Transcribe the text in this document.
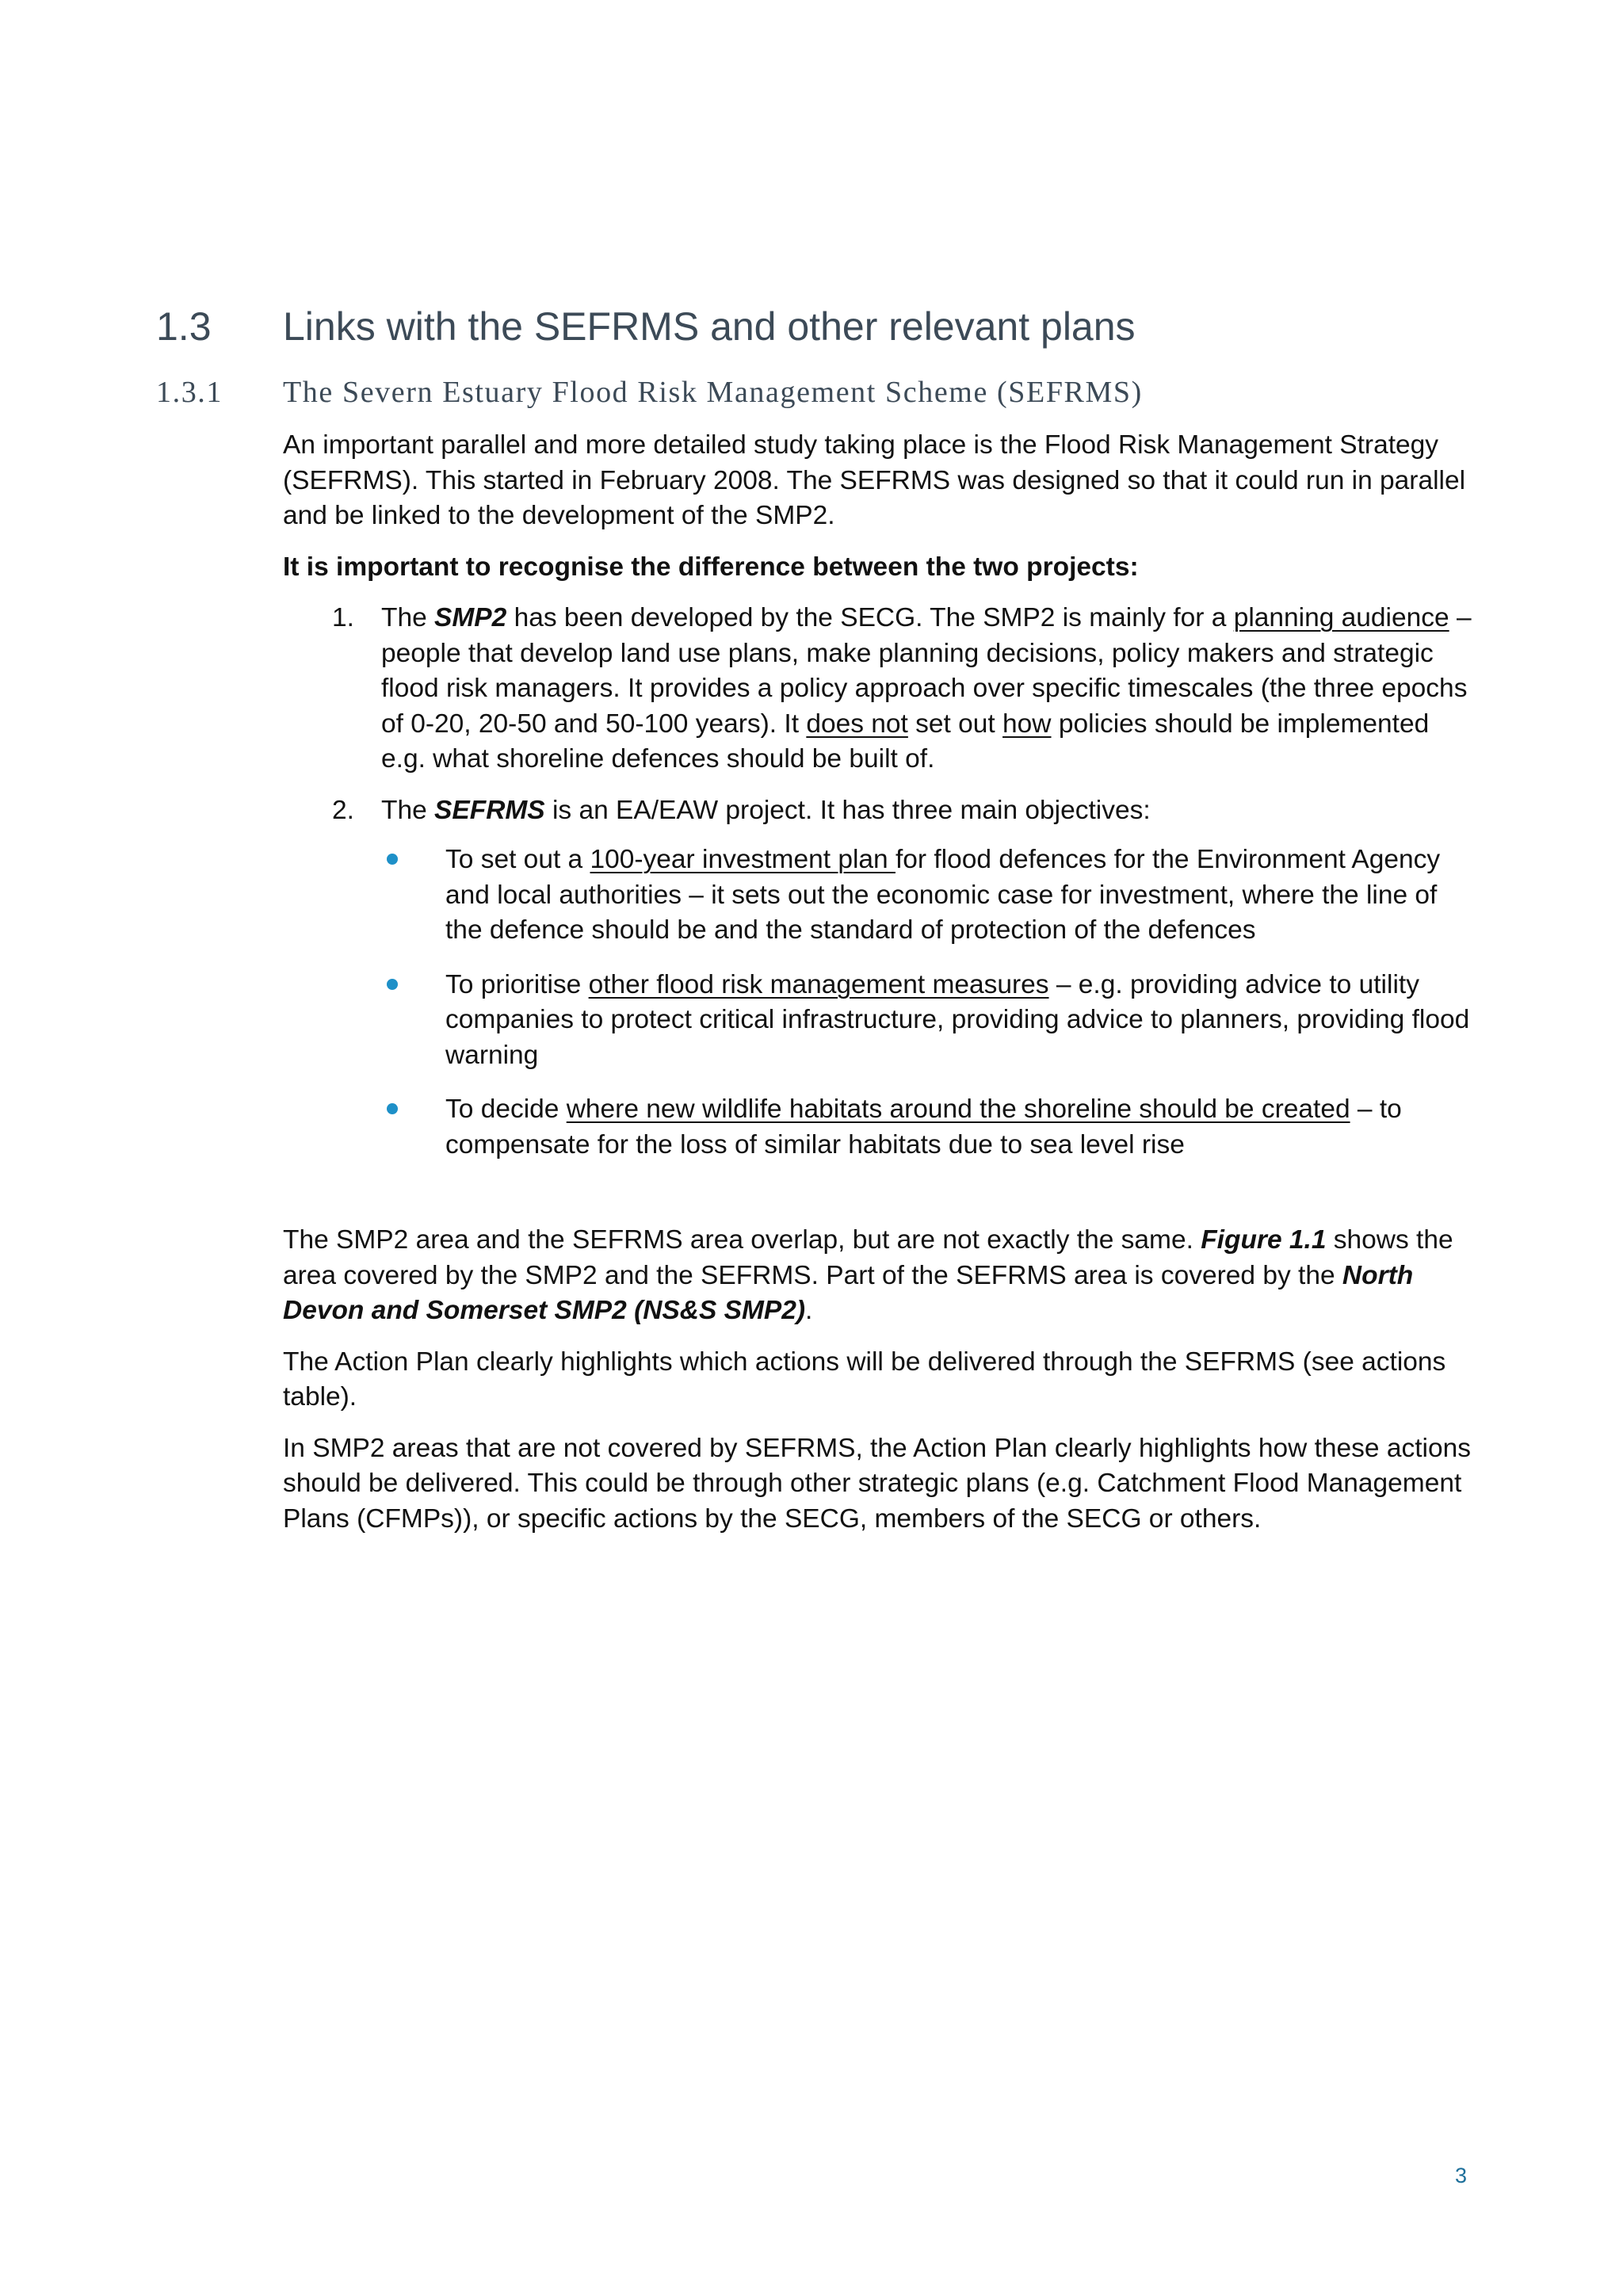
1.3 Links with the SEFRMS and other relevant plans
1.3.1 The Severn Estuary Flood Risk Management Scheme (SEFRMS)

An important parallel and more detailed study taking place is the Flood Risk Management Strategy (SEFRMS). This started in February 2008. The SEFRMS was designed so that it could run in parallel and be linked to the development of the SMP2.

It is important to recognise the difference between the two projects:

1. The SMP2 has been developed by the SECG. The SMP2 is mainly for a planning audience – people that develop land use plans, make planning decisions, policy makers and strategic flood risk managers. It provides a policy approach over specific timescales (the three epochs of 0-20, 20-50 and 50-100 years). It does not set out how policies should be implemented e.g. what shoreline defences should be built of.
2. The SEFRMS is an EA/EAW project. It has three main objectives:
To set out a 100-year investment plan for flood defences for the Environment Agency and local authorities – it sets out the economic case for investment, where the line of the defence should be and the standard of protection of the defences
To prioritise other flood risk management measures – e.g. providing advice to utility companies to protect critical infrastructure, providing advice to planners, providing flood warning
To decide where new wildlife habitats around the shoreline should be created – to compensate for the loss of similar habitats due to sea level rise

The SMP2 area and the SEFRMS area overlap, but are not exactly the same. Figure 1.1 shows the area covered by the SMP2 and the SEFRMS. Part of the SEFRMS area is covered by the North Devon and Somerset SMP2 (NS&S SMP2).

The Action Plan clearly highlights which actions will be delivered through the SEFRMS (see actions table).

In SMP2 areas that are not covered by SEFRMS, the Action Plan clearly highlights how these actions should be delivered. This could be through other strategic plans (e.g. Catchment Flood Management Plans (CFMPs)), or specific actions by the SECG, members of the SECG or others.

3
